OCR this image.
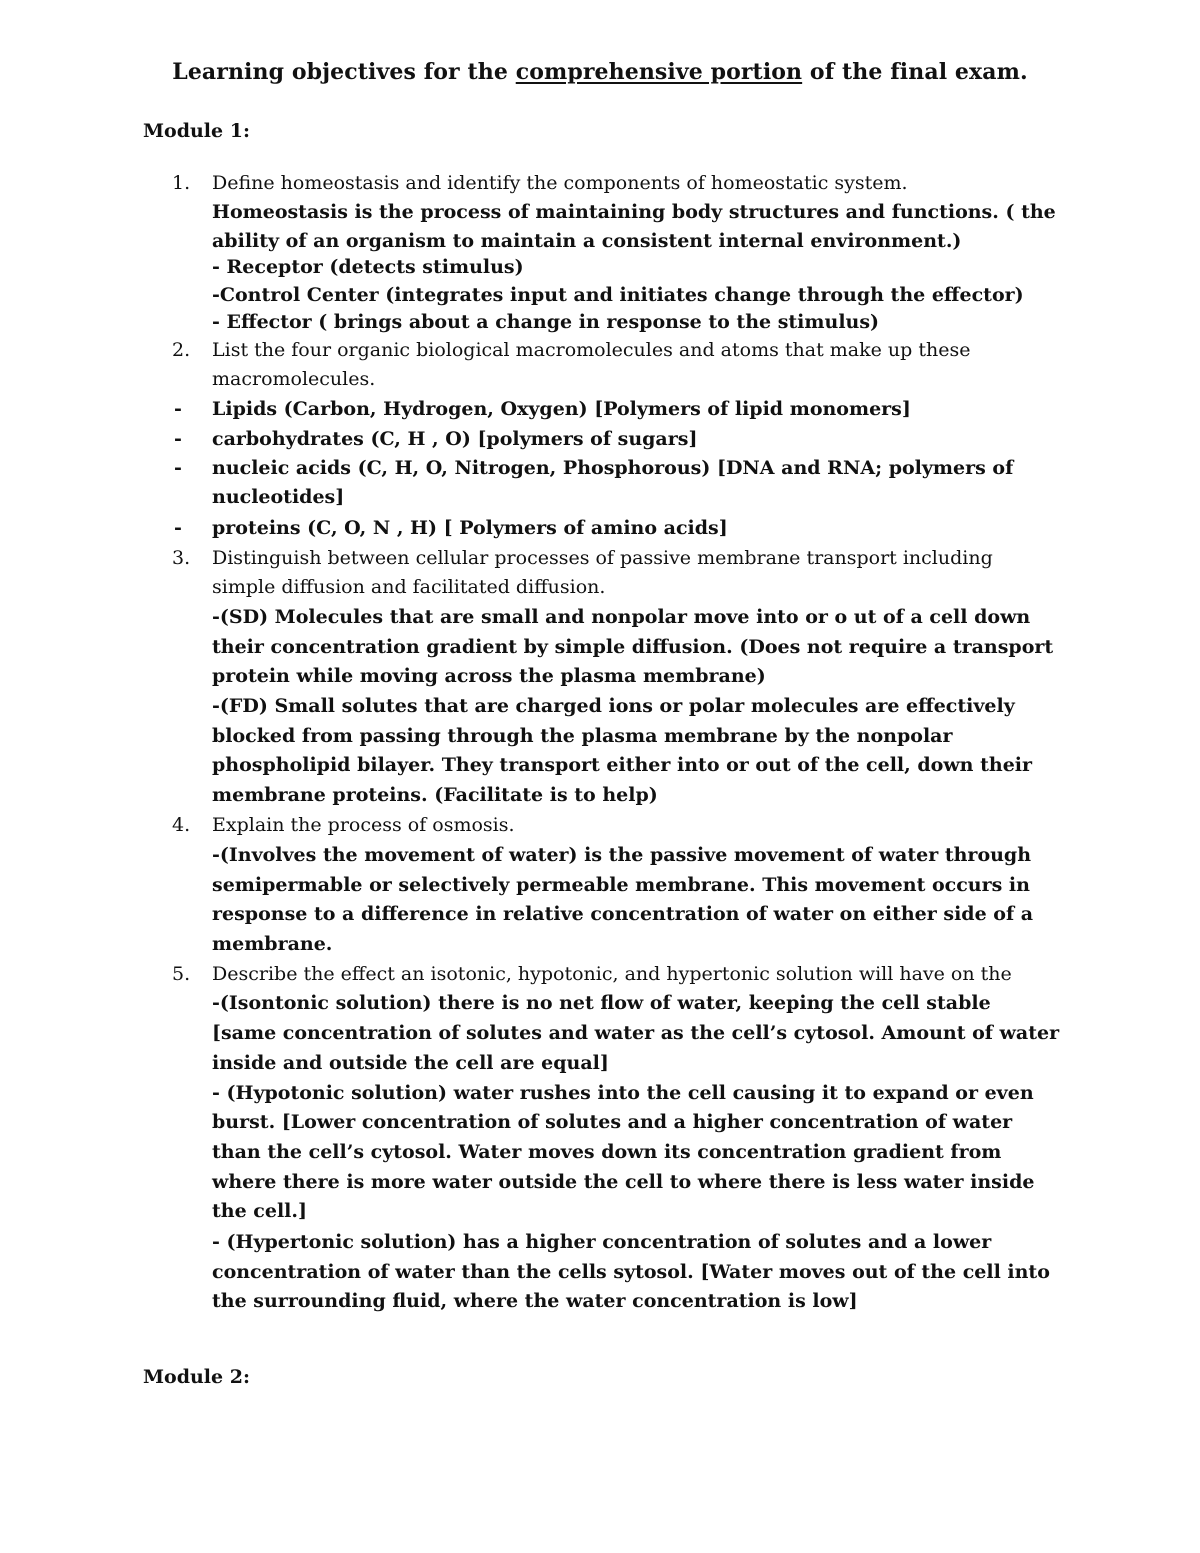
Learning objectives for the comprehensive portion of the final exam.
Module 1:
1. Define homeostasis and identify the components of homeostatic system.
Homeostasis is the process of maintaining body structures and functions. ( the
ability of an organism to maintain a consistent internal environment.)
- Receptor (detects stimulus)
-Control Center (integrates input and initiates change through the effector)
- Effector ( brings about a change in response to the stimulus)
2. List the four organic biological macromolecules and atoms that make up these
macromolecules.
- Lipids (Carbon, Hydrogen, Oxygen) [Polymers of lipid monomers]
- carbohydrates (C, H , O) [polymers of sugars]
- nucleic acids (C, H, O, Nitrogen, Phosphorous) [DNA and RNA; polymers of
nucleotides]
- proteins (C, O, N , H) [ Polymers of amino acids]
3. Distinguish between cellular processes of passive membrane transport including
simple diffusion and facilitated diffusion.
-(SD) Molecules that are small and nonpolar move into or o ut of a cell down
their concentration gradient by simple diffusion. (Does not require a transport
protein while moving across the plasma membrane)
-(FD) Small solutes that are charged ions or polar molecules are effectively
blocked from passing through the plasma membrane by the nonpolar
phospholipid bilayer. They transport either into or out of the cell, down their
membrane proteins. (Facilitate is to help)
4. Explain the process of osmosis.
-(Involves the movement of water) is the passive movement of water through
semipermable or selectively permeable membrane. This movement occurs in
response to a difference in relative concentration of water on either side of a
membrane.
5. Describe the effect an isotonic, hypotonic, and hypertonic solution will have on the
-(Isontonic solution) there is no net flow of water, keeping the cell stable
[same concentration of solutes and water as the cell’s cytosol. Amount of water
inside and outside the cell are equal]
- (Hypotonic solution) water rushes into the cell causing it to expand or even
burst. [Lower concentration of solutes and a higher concentration of water
than the cell’s cytosol. Water moves down its concentration gradient from
where there is more water outside the cell to where there is less water inside
the cell.]
- (Hypertonic solution) has a higher concentration of solutes and a lower
concentration of water than the cells sytosol. [Water moves out of the cell into
the surrounding fluid, where the water concentration is low]
Module 2:
